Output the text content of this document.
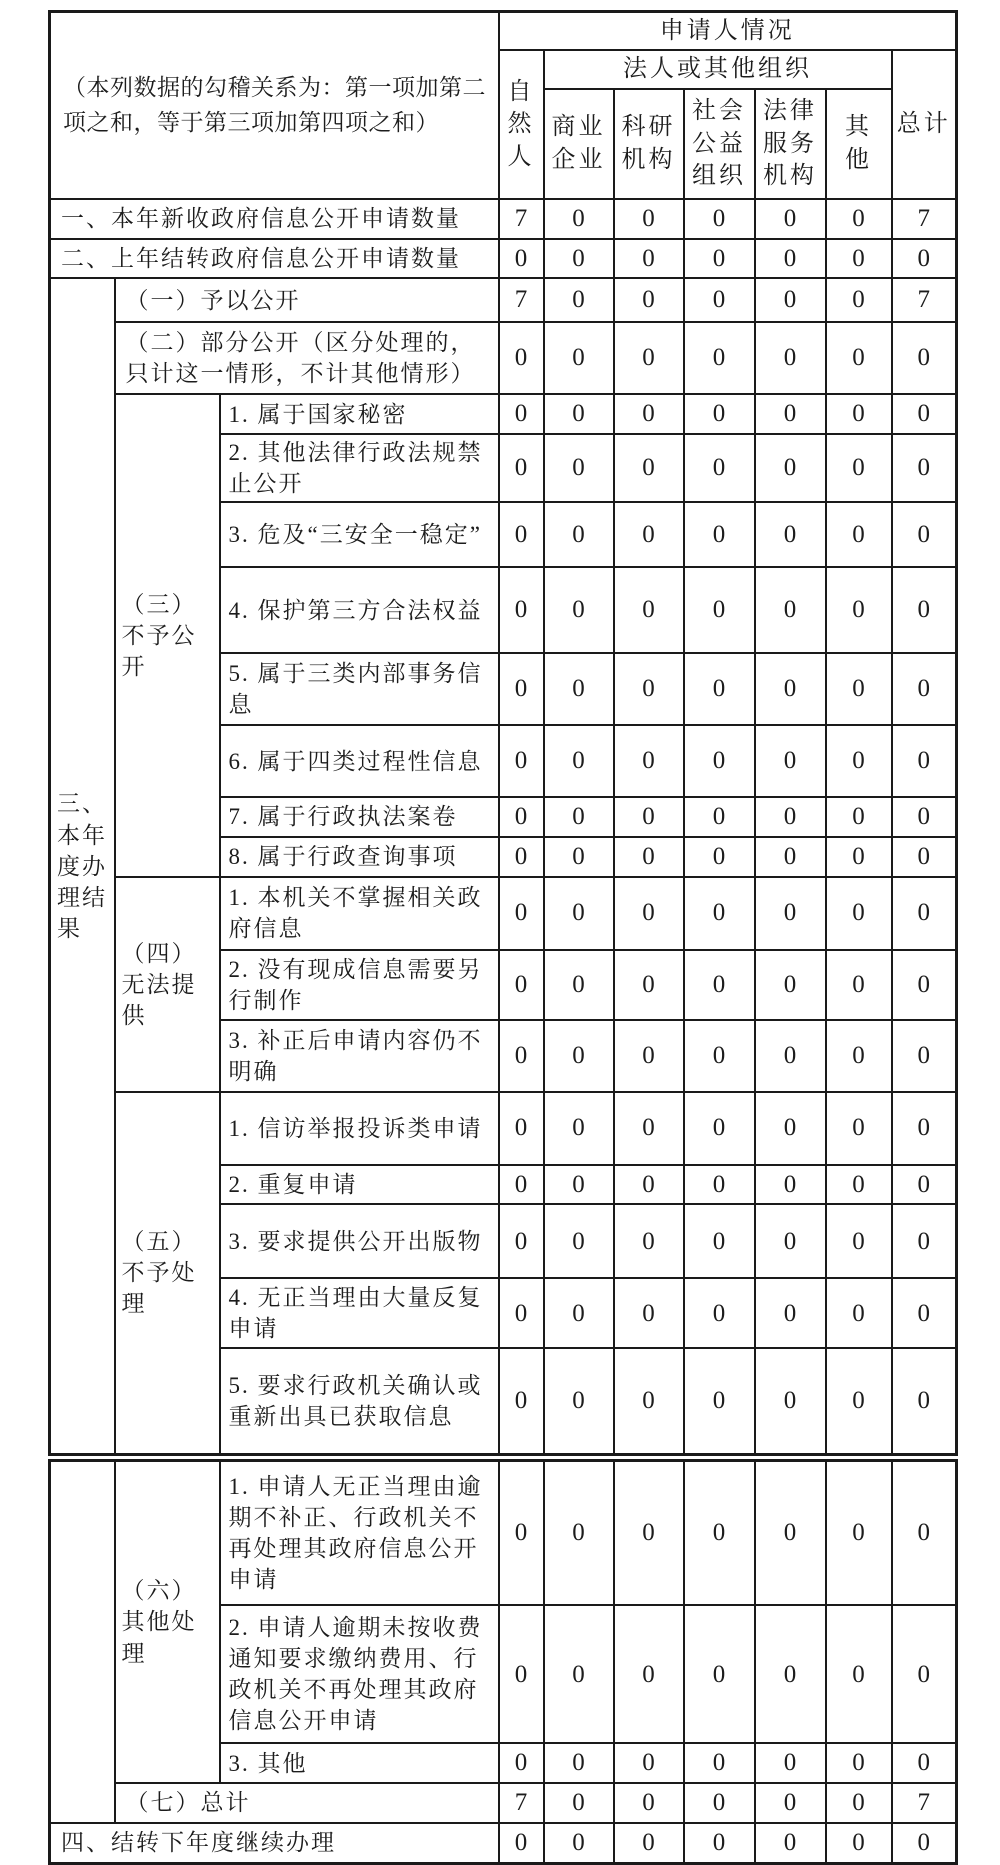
（本列数据的勾稽关系为：第一项加第二项之和，等于第三项加第四项之和）			申请人情况						
			自然人	法人或其他组织					总计
				商业企业	科研机构	社会公益组织	法律服务机构	其他	
一、本年新收政府信息公开申请数量			7	0	0	0	0	0	7
二、上年结转政府信息公开申请数量			0	0	0	0	0	0	0
三、本年度办理结果	（一）予以公开		7	0	0	0	0	0	7
	（二）部分公开（区分处理的，只计这一情形，不计其他情形）		0	0	0	0	0	0	0
	（三）不予公开	1. 属于国家秘密	0	0	0	0	0	0	0
		2. 其他法律行政法规禁止公开	0	0	0	0	0	0	0
		3. 危及“三安全一稳定”	0	0	0	0	0	0	0
		4. 保护第三方合法权益	0	0	0	0	0	0	0
		5. 属于三类内部事务信息	0	0	0	0	0	0	0
		6. 属于四类过程性信息	0	0	0	0	0	0	0
		7. 属于行政执法案卷	0	0	0	0	0	0	0
		8. 属于行政查询事项	0	0	0	0	0	0	0
	（四）无法提供	1. 本机关不掌握相关政府信息	0	0	0	0	0	0	0
		2. 没有现成信息需要另行制作	0	0	0	0	0	0	0
		3. 补正后申请内容仍不明确	0	0	0	0	0	0	0
	（五）不予处理	1. 信访举报投诉类申请	0	0	0	0	0	0	0
		2. 重复申请	0	0	0	0	0	0	0
		3. 要求提供公开出版物	0	0	0	0	0	0	0
		4. 无正当理由大量反复申请	0	0	0	0	0	0	0
		5. 要求行政机关确认或重新出具已获取信息	0	0	0	0	0	0	0
	（六）其他处理	1. 申请人无正当理由逾期不补正、行政机关不再处理其政府信息公开申请	0	0	0	0	0	0	0
		2. 申请人逾期未按收费通知要求缴纳费用、行政机关不再处理其政府信息公开申请	0	0	0	0	0	0	0
		3. 其他	0	0	0	0	0	0	0
	（七）总计		7	0	0	0	0	0	7
四、结转下年度继续办理			0	0	0	0	0	0	0
